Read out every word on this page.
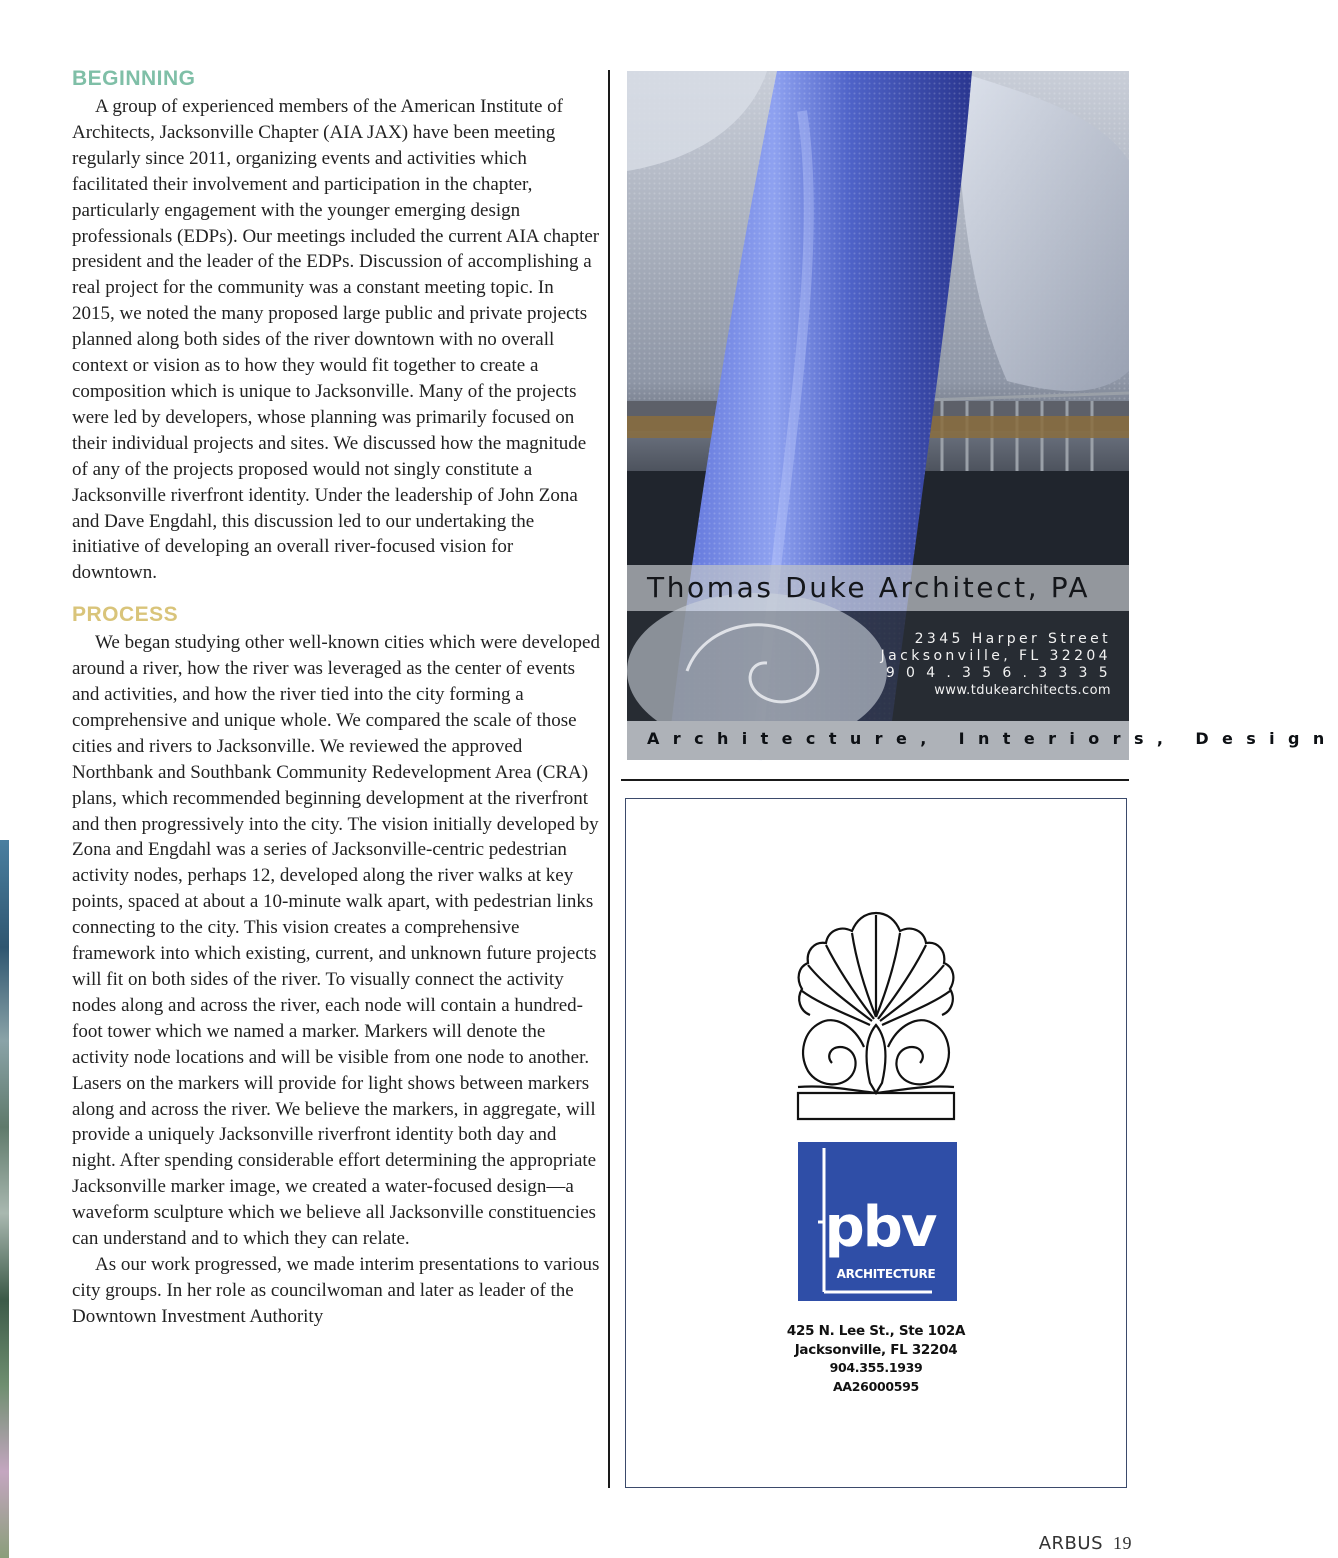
BEGINNING

A group of experienced members of the American Institute of Architects, Jacksonville Chapter (AIA JAX) have been meeting regularly since 2011, organizing events and activities which facilitated their involvement and participation in the chapter, particularly engagement with the younger emerging design professionals (EDPs). Our meetings included the current AIA chapter president and the leader of the EDPs. Discussion of accomplishing a real project for the community was a constant meeting topic. In 2015, we noted the many proposed large public and private projects planned along both sides of the river downtown with no overall context or vision as to how they would fit together to create a composition which is unique to Jacksonville. Many of the projects were led by developers, whose planning was primarily focused on their individual projects and sites. We discussed how the magnitude of any of the projects proposed would not singly constitute a Jacksonville riverfront identity. Under the leadership of John Zona and Dave Engdahl, this discussion led to our undertaking the initiative of developing an overall river-focused vision for downtown.

PROCESS

We began studying other well-known cities which were developed around a river, how the river was leveraged as the center of events and activities, and how the river tied into the city forming a comprehensive and unique whole. We compared the scale of those cities and rivers to Jacksonville. We reviewed the approved Northbank and Southbank Community Redevelopment Area (CRA) plans, which recommended beginning development at the riverfront and then progressively into the city. The vision initially developed by Zona and Engdahl was a series of Jacksonville-centric pedestrian activity nodes, perhaps 12, developed along the river walks at key points, spaced at about a 10-minute walk apart, with pedestrian links connecting to the city. This vision creates a comprehensive framework into which existing, current, and unknown future projects will fit on both sides of the river. To visually connect the activity nodes along and across the river, each node will contain a hundred-foot tower which we named a marker. Markers will denote the activity node locations and will be visible from one node to another. Lasers on the markers will provide for light shows between markers along and across the river. We believe the markers, in aggregate, will provide a uniquely Jacksonville riverfront identity both day and night. After spending considerable effort determining the appropriate Jacksonville marker image, we created a water-focused design—a waveform sculpture which we believe all Jacksonville constituencies can understand and to which they can relate.

As our work progressed, we made interim presentations to various city groups. In her role as councilwoman and later as leader of the Downtown Investment Authority

Thomas Duke Architect, PA
2345 Harper Street
Jacksonville, FL 32204
9 0 4 . 3 5 6 . 3 3 3 5
www.tdukearchitects.com
Architecture, Interiors, Design
pbv
ARCHITECTURE
425 N. Lee St., Ste 102A
Jacksonville, FL 32204
904.355.1939
AA26000595
ARBUS 19
